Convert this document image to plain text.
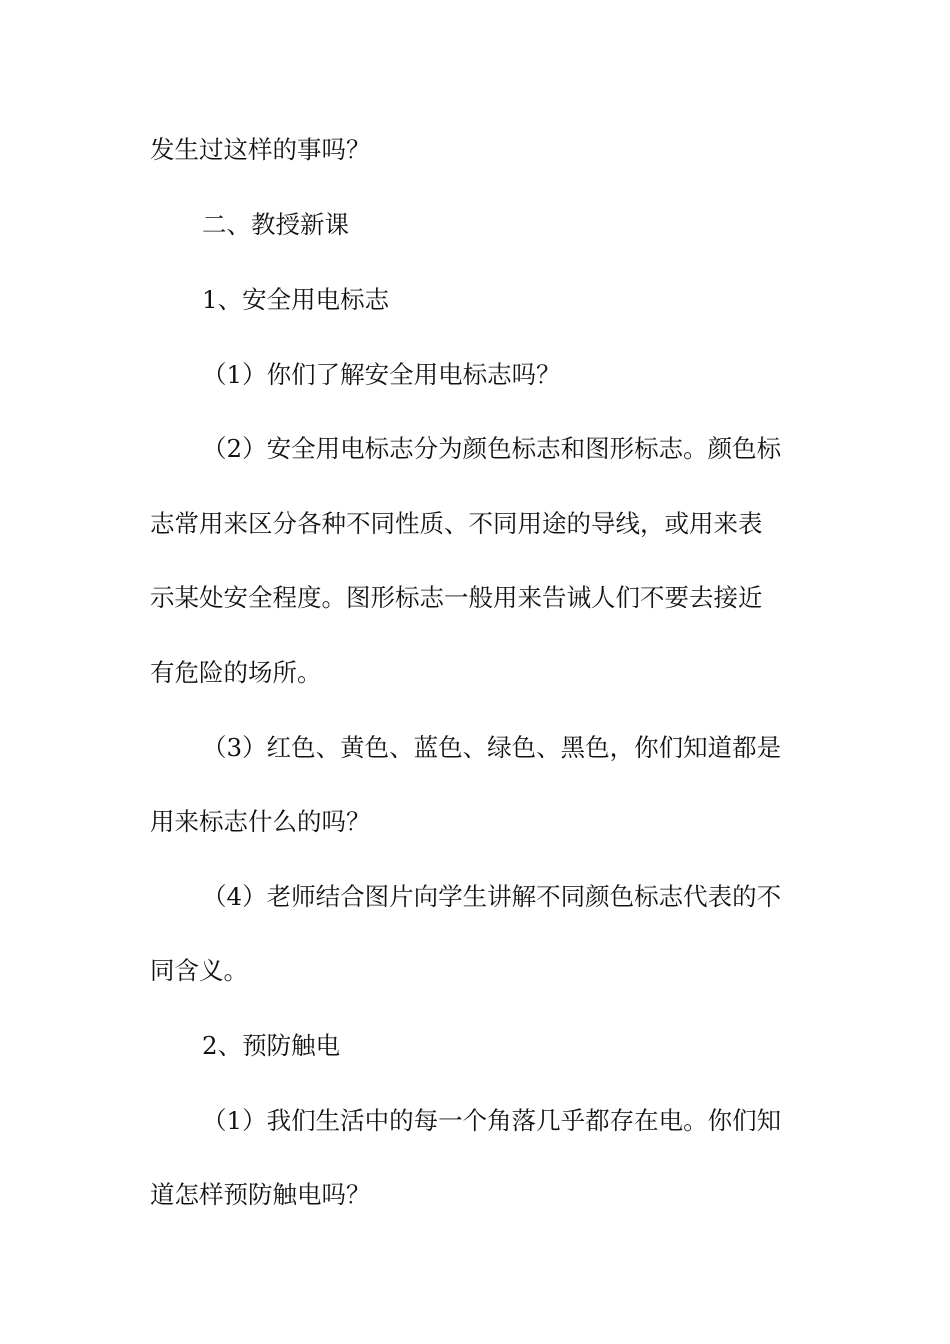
发生过这样的事吗？
二、教授新课
1、安全用电标志
（1）你们了解安全用电标志吗？
（2）安全用电标志分为颜色标志和图形标志。颜色标
志常用来区分各种不同性质、不同用途的导线，或用来表
示某处安全程度。图形标志一般用来告诫人们不要去接近
有危险的场所。
（3）红色、黄色、蓝色、绿色、黑色，你们知道都是
用来标志什么的吗？
（4）老师结合图片向学生讲解不同颜色标志代表的不
同含义。
2、预防触电
（1）我们生活中的每一个角落几乎都存在电。你们知
道怎样预防触电吗？
